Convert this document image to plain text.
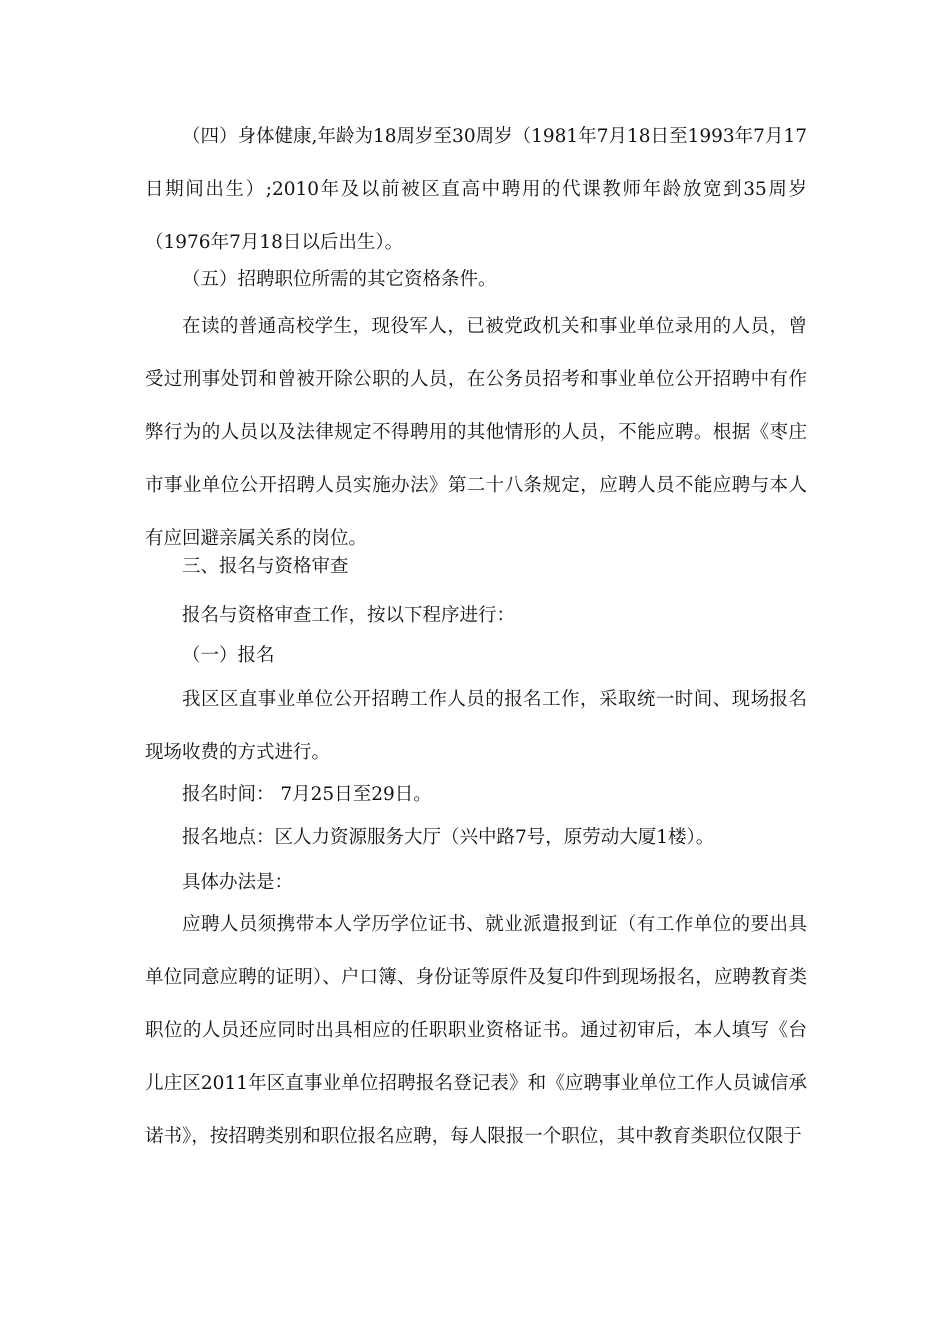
（四）身体健康,年龄为18周岁至30周岁（1981年7月18日至1993年7月17日期间出生）;2010年及以前被区直高中聘用的代课教师年龄放宽到35周岁（1976年7月18日以后出生）。

（五）招聘职位所需的其它资格条件。

在读的普通高校学生，现役军人，已被党政机关和事业单位录用的人员，曾受过刑事处罚和曾被开除公职的人员，在公务员招考和事业单位公开招聘中有作弊行为的人员以及法律规定不得聘用的其他情形的人员，不能应聘。根据《枣庄市事业单位公开招聘人员实施办法》第二十八条规定，应聘人员不能应聘与本人有应回避亲属关系的岗位。

三、报名与资格审查

报名与资格审查工作，按以下程序进行：

（一）报名

我区区直事业单位公开招聘工作人员的报名工作，采取统一时间、现场报名现场收费的方式进行。

报名时间： 7月25日至29日。

报名地点：区人力资源服务大厅（兴中路7号，原劳动大厦1楼）。

具体办法是：

应聘人员须携带本人学历学位证书、就业派遣报到证（有工作单位的要出具单位同意应聘的证明）、户口簿、身份证等原件及复印件到现场报名，应聘教育类职位的人员还应同时出具相应的任职职业资格证书。通过初审后，本人填写《台儿庄区2011年区直事业单位招聘报名登记表》和《应聘事业单位工作人员诚信承诺书》，按招聘类别和职位报名应聘，每人限报一个职位，其中教育类职位仅限于
